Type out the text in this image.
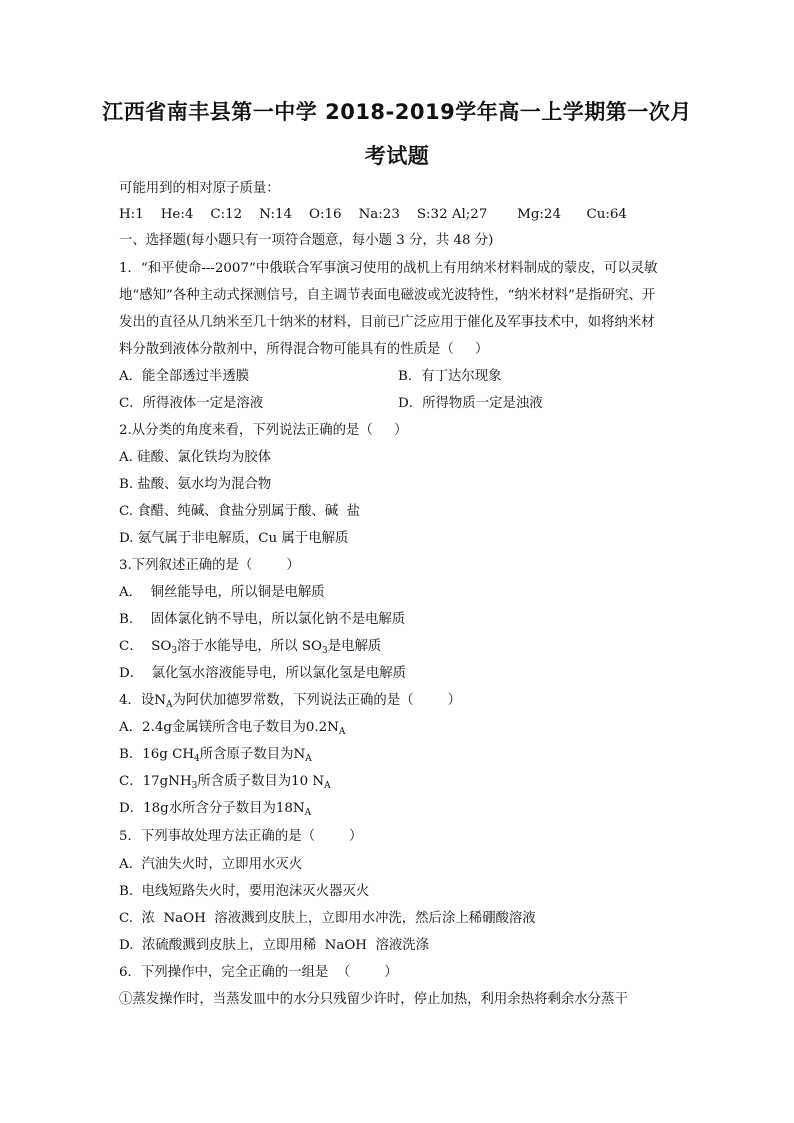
江西省南丰县第一中学 2018-2019学年高一上学期第一次月
考试题
可能用到的相对原子质量：
H:1    He:4    C:12    N:14    O:16    Na:23    S:32 Al;27       Mg:24      Cu:64
一、选择题(每小题只有一项符合题意，每小题 3 分，共 48 分)
1．“和平使命---2007”中俄联合军事演习使用的战机上有用纳米材料制成的蒙皮，可以灵敏
地“感知”各种主动式探测信号，自主调节表面电磁波或光波特性，“纳米材料”是指研究、开
发出的直径从几纳米至几十纳米的材料，目前已广泛应用于催化及军事技术中，如将纳米材
料分散到液体分散剂中，所得混合物可能具有的性质是（     ）
A．能全部透过半透膜	B．有丁达尔现象
C．所得液体一定是溶液	D．所得物质一定是浊液
2.从分类的角度来看，下列说法正确的是（     ）
A. 硅酸、氯化铁均为胶体
B. 盐酸、氨水均为混合物
C. 食醋、纯碱、食盐分别属于酸、碱  盐
D. 氨气属于非电解质，Cu 属于电解质
3.下列叙述正确的是（        ）
A．  铜丝能导电，所以铜是电解质
B．  固体氯化钠不导电，所以氯化钠不是电解质
C．  $SO_3$溶于水能导电，所以 $SO_3$是电解质
D．  氯化氢水溶液能导电，所以氯化氢是电解质
4．设$N_A$为阿伏加德罗常数，下列说法正确的是（        ）
A．2.4g金属镁所含电子数目为$0.2N_A$
B．16g $CH_4$所含原子数目为$N_A$
C．17gNH$_3$所含质子数目为10 $N_A$
D．18g水所含分子数目为$18N_A$
5．下列事故处理方法正确的是（        ）
A.  汽油失火时，立即用水灭火
B.  电线短路失火时，要用泡沫灭火器灭火
C.  浓  NaOH  溶液溅到皮肤上，立即用水冲洗，然后涂上稀硼酸溶液
D.  浓硫酸溅到皮肤上，立即用稀  NaOH  溶液洗涤
6．下列操作中，完全正确的一组是  （        ）
①蒸发操作时，当蒸发皿中的水分只残留少许时，停止加热，利用余热将剩余水分蒸干
